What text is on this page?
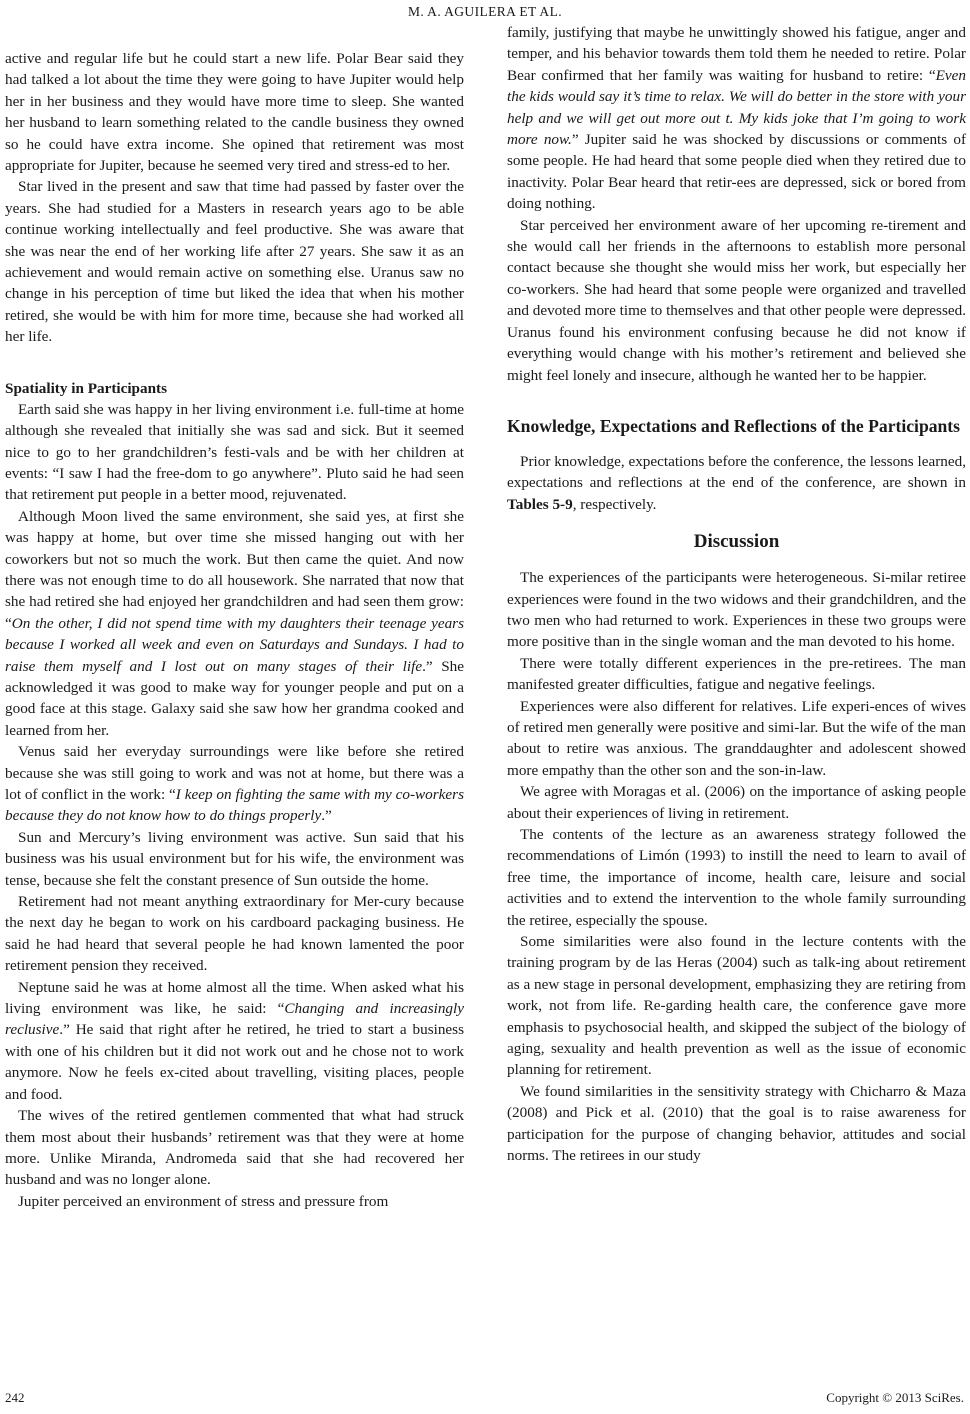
M. A. AGUILERA ET AL.

active and regular life but he could start a new life. Polar Bear said they had talked a lot about the time they were going to have Jupiter would help her in her business and they would have more time to sleep. She wanted her husband to learn something related to the candle business they owned so he could have extra income. She opined that retirement was most appropriate for Jupiter, because he seemed very tired and stress-ed to her.

Star lived in the present and saw that time had passed by faster over the years. She had studied for a Masters in research years ago to be able continue working intellectually and feel productive. She was aware that she was near the end of her working life after 27 years. She saw it as an achievement and would remain active on something else. Uranus saw no change in his perception of time but liked the idea that when his mother retired, she would be with him for more time, because she had worked all her life.

Spatiality in Participants

Earth said she was happy in her living environment i.e. full-time at home although she revealed that initially she was sad and sick. But it seemed nice to go to her grandchildren’s festi-vals and be with her children at events: “I saw I had the free-dom to go anywhere”. Pluto said he had seen that retirement put people in a better mood, rejuvenated.

Although Moon lived the same environment, she said yes, at first she was happy at home, but over time she missed hanging out with her coworkers but not so much the work. But then came the quiet. And now there was not enough time to do all housework. She narrated that now that she had retired she had enjoyed her grandchildren and had seen them grow: “On the other, I did not spend time with my daughters their teenage years because I worked all week and even on Saturdays and Sundays. I had to raise them myself and I lost out on many stages of their life.” She acknowledged it was good to make way for younger people and put on a good face at this stage. Galaxy said she saw how her grandma cooked and learned from her.

Venus said her everyday surroundings were like before she retired because she was still going to work and was not at home, but there was a lot of conflict in the work: “I keep on fighting the same with my co-workers because they do not know how to do things properly.”

Sun and Mercury’s living environment was active. Sun said that his business was his usual environment but for his wife, the environment was tense, because she felt the constant presence of Sun outside the home.

Retirement had not meant anything extraordinary for Mer-cury because the next day he began to work on his cardboard packaging business. He said he had heard that several people he had known lamented the poor retirement pension they received.

Neptune said he was at home almost all the time. When asked what his living environment was like, he said: “Changing and increasingly reclusive.” He said that right after he retired, he tried to start a business with one of his children but it did not work out and he chose not to work anymore. Now he feels ex-cited about travelling, visiting places, people and food.

The wives of the retired gentlemen commented that what had struck them most about their husbands’ retirement was that they were at home more. Unlike Miranda, Andromeda said that she had recovered her husband and was no longer alone.

Jupiter perceived an environment of stress and pressure from

family, justifying that maybe he unwittingly showed his fatigue, anger and temper, and his behavior towards them told them he needed to retire. Polar Bear confirmed that her family was waiting for husband to retire: “Even the kids would say it’s time to relax. We will do better in the store with your help and we will get out more out t. My kids joke that I’m going to work more now.” Jupiter said he was shocked by discussions or comments of some people. He had heard that some people died when they retired due to inactivity. Polar Bear heard that retir-ees are depressed, sick or bored from doing nothing.

Star perceived her environment aware of her upcoming re-tirement and she would call her friends in the afternoons to establish more personal contact because she thought she would miss her work, but especially her co-workers. She had heard that some people were organized and travelled and devoted more time to themselves and that other people were depressed. Uranus found his environment confusing because he did not know if everything would change with his mother’s retirement and believed she might feel lonely and insecure, although he wanted her to be happier.

Knowledge, Expectations and Reflections of the Participants

Prior knowledge, expectations before the conference, the lessons learned, expectations and reflections at the end of the conference, are shown in Tables 5-9, respectively.

Discussion

The experiences of the participants were heterogeneous. Si-milar retiree experiences were found in the two widows and their grandchildren, and the two men who had returned to work. Experiences in these two groups were more positive than in the single woman and the man devoted to his home.

There were totally different experiences in the pre-retirees. The man manifested greater difficulties, fatigue and negative feelings.

Experiences were also different for relatives. Life experi-ences of wives of retired men generally were positive and simi-lar. But the wife of the man about to retire was anxious. The granddaughter and adolescent showed more empathy than the other son and the son-in-law.

We agree with Moragas et al. (2006) on the importance of asking people about their experiences of living in retirement.

The contents of the lecture as an awareness strategy followed the recommendations of Limón (1993) to instill the need to learn to avail of free time, the importance of income, health care, leisure and social activities and to extend the intervention to the whole family surrounding the retiree, especially the spouse.

Some similarities were also found in the lecture contents with the training program by de las Heras (2004) such as talk-ing about retirement as a new stage in personal development, emphasizing they are retiring from work, not from life. Re-garding health care, the conference gave more emphasis to psychosocial health, and skipped the subject of the biology of aging, sexuality and health prevention as well as the issue of economic planning for retirement.

We found similarities in the sensitivity strategy with Chicharro & Maza (2008) and Pick et al. (2010) that the goal is to raise awareness for participation for the purpose of changing behavior, attitudes and social norms. The retirees in our study

242	Copyright © 2013 SciRes.
